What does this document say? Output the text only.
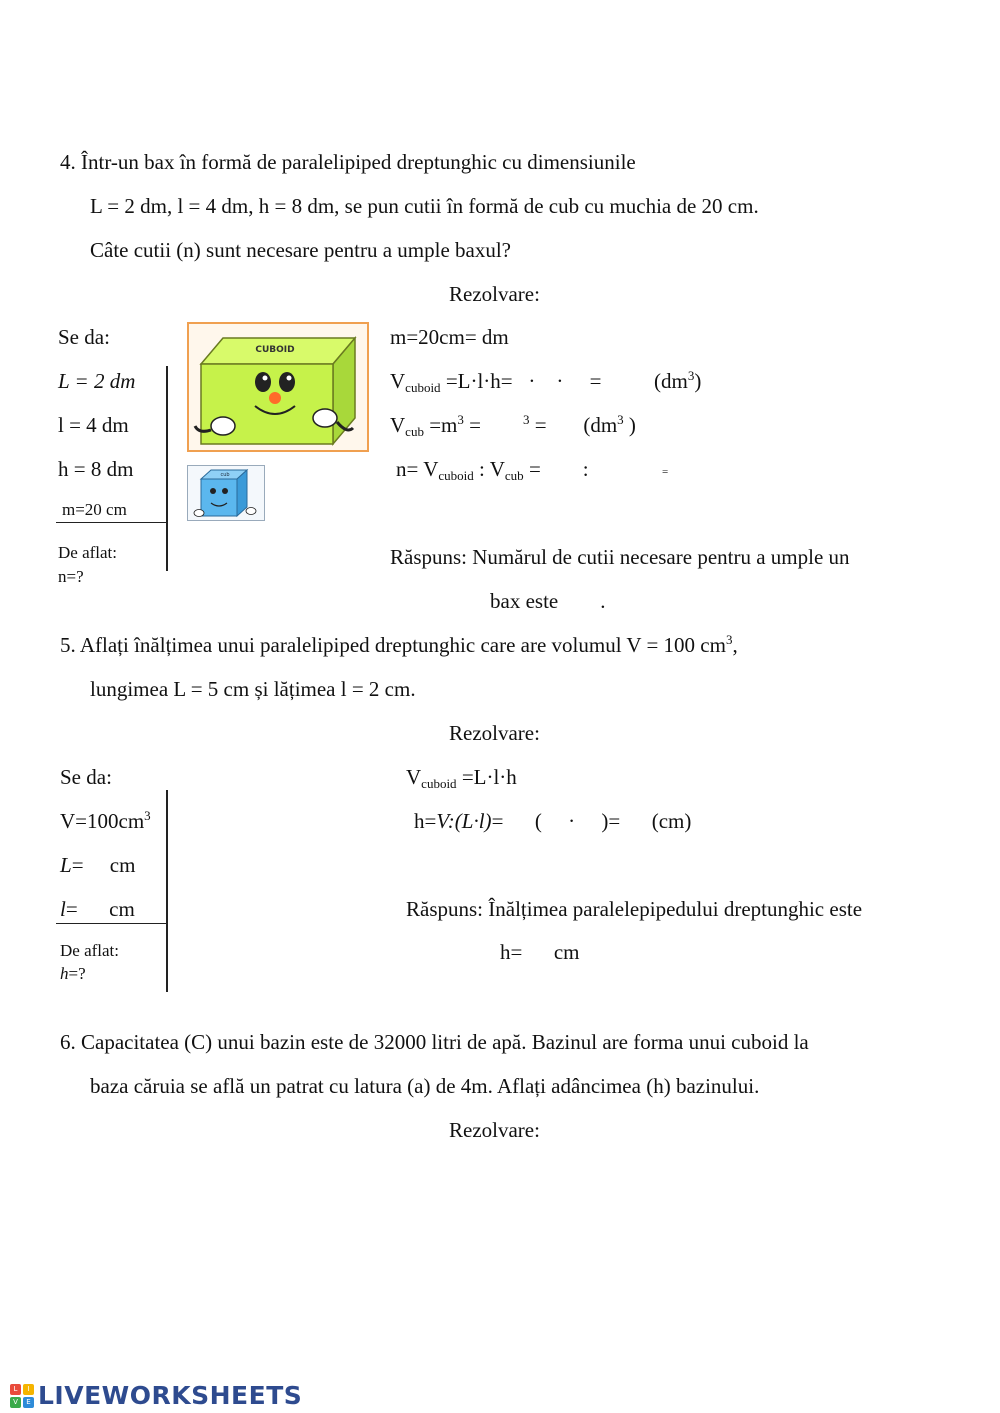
4. Într-un bax în formă de paralelipiped dreptunghic cu dimensiunile
L = 2 dm, l = 4 dm, h = 8 dm, se pun cutii în formă de cub cu muchia de 20 cm.
Câte cutii (n) sunt necesare pentru a umple baxul?
Rezolvare:
Se da:
L = 2 dm
l = 4 dm
h = 8 dm
m=20 cm
De aflat:
n=?
CUBOID
cub
m=20cm= dm
$V_{cuboid} =L\cdot l\cdot h=$   ·    ·     =          $(dm^3)$
$V_{cub} =m^3$ =        $^3$ =       ($dm^3$ )
$n= V_{cuboid}$ : $V_{cub}$ =        :	=
Răspuns: Numărul de cutii necesare pentru a umple un
bax este        .
5. Aflați înălțimea unui paralelipiped dreptunghic care are volumul V = 100 $cm^3$,
lungimea L = 5 cm și lățimea l = 2 cm.
Rezolvare:
Se da:
$V=100cm^3$
L=     cm
l=      cm
De aflat:
h=?
$V_{cuboid} =L\cdot l\cdot h$
h=V:(L·l)=      (     ·     )=      (cm)
Răspuns: Înălțimea paralelepipedului dreptunghic este
h=      cm
6. Capacitatea (C) unui bazin este de 32000 litri de apă. Bazinul are forma unui cuboid la
baza căruia se află un patrat cu latura (a) de 4m. Aflați adâncimea (h) bazinului.
Rezolvare:
L	I
V	E LIVEWORKSHEETS
